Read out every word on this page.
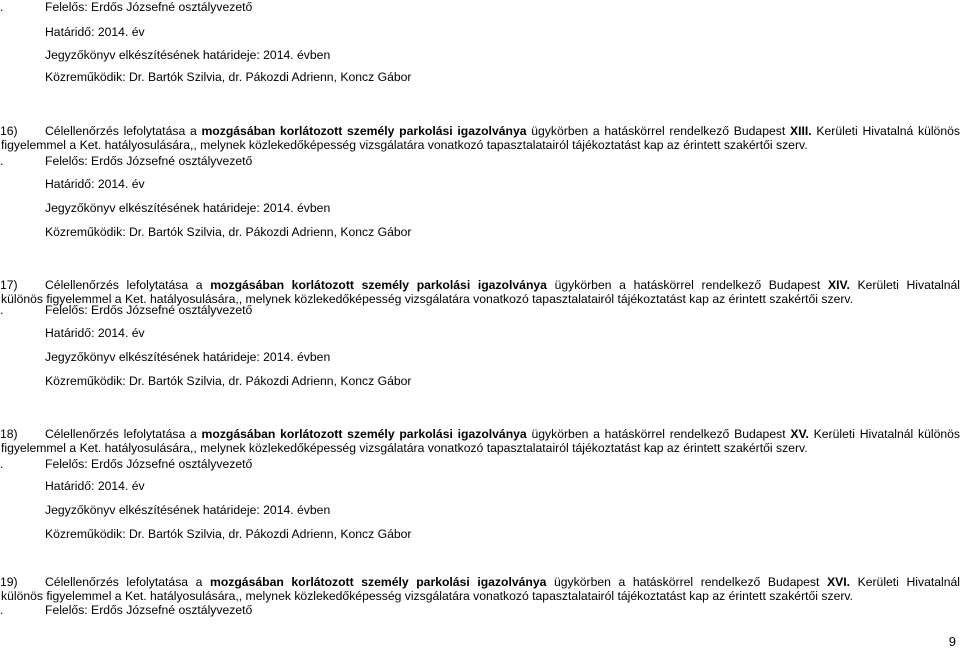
.	Felelős: Erdős Józsefné osztályvezető
Határidő: 2014. év
Jegyzőkönyv elkészítésének határideje: 2014. évben
Közreműködik: Dr. Bartók Szilvia, dr. Pákozdi Adrienn, Koncz Gábor
16)	Célellenőrzés lefolytatása a mozgásában korlátozott személy parkolási igazolványa ügykörben a hatáskörrel rendelkező Budapest XIII. Kerületi Hivatalná különös
figyelemmel a Ket. hatályosulására,, melynek közlekedőképesség vizsgálatára vonatkozó tapasztalatairól tájékoztatást kap az érintett szakértői szerv.
.	Felelős: Erdős Józsefné osztályvezető
Határidő: 2014. év
Jegyzőkönyv elkészítésének határideje: 2014. évben
Közreműködik: Dr. Bartók Szilvia, dr. Pákozdi Adrienn, Koncz Gábor
17)	Célellenőrzés lefolytatása a mozgásában korlátozott személy parkolási igazolványa ügykörben a hatáskörrel rendelkező Budapest XIV. Kerületi Hivatalnál
különös figyelemmel a Ket. hatályosulására,, melynek közlekedőképesség vizsgálatára vonatkozó tapasztalatairól tájékoztatást kap az érintett szakértői szerv.
.	Felelős: Erdős Józsefné osztályvezető
Határidő: 2014. év
Jegyzőkönyv elkészítésének határideje: 2014. évben
Közreműködik: Dr. Bartók Szilvia, dr. Pákozdi Adrienn, Koncz Gábor
18)	Célellenőrzés lefolytatása a mozgásában korlátozott személy parkolási igazolványa ügykörben a hatáskörrel rendelkező Budapest XV. Kerületi Hivatalnál különös
figyelemmel a Ket. hatályosulására,, melynek közlekedőképesség vizsgálatára vonatkozó tapasztalatairól tájékoztatást kap az érintett szakértői szerv.
.	Felelős: Erdős Józsefné osztályvezető
Határidő: 2014. év
Jegyzőkönyv elkészítésének határideje: 2014. évben
Közreműködik: Dr. Bartók Szilvia, dr. Pákozdi Adrienn, Koncz Gábor
19)	Célellenőrzés lefolytatása a mozgásában korlátozott személy parkolási igazolványa ügykörben a hatáskörrel rendelkező Budapest XVI. Kerületi Hivatalnál
különös figyelemmel a Ket. hatályosulására,, melynek közlekedőképesség vizsgálatára vonatkozó tapasztalatairól tájékoztatást kap az érintett szakértői szerv.
.	Felelős: Erdős Józsefné osztályvezető
9
